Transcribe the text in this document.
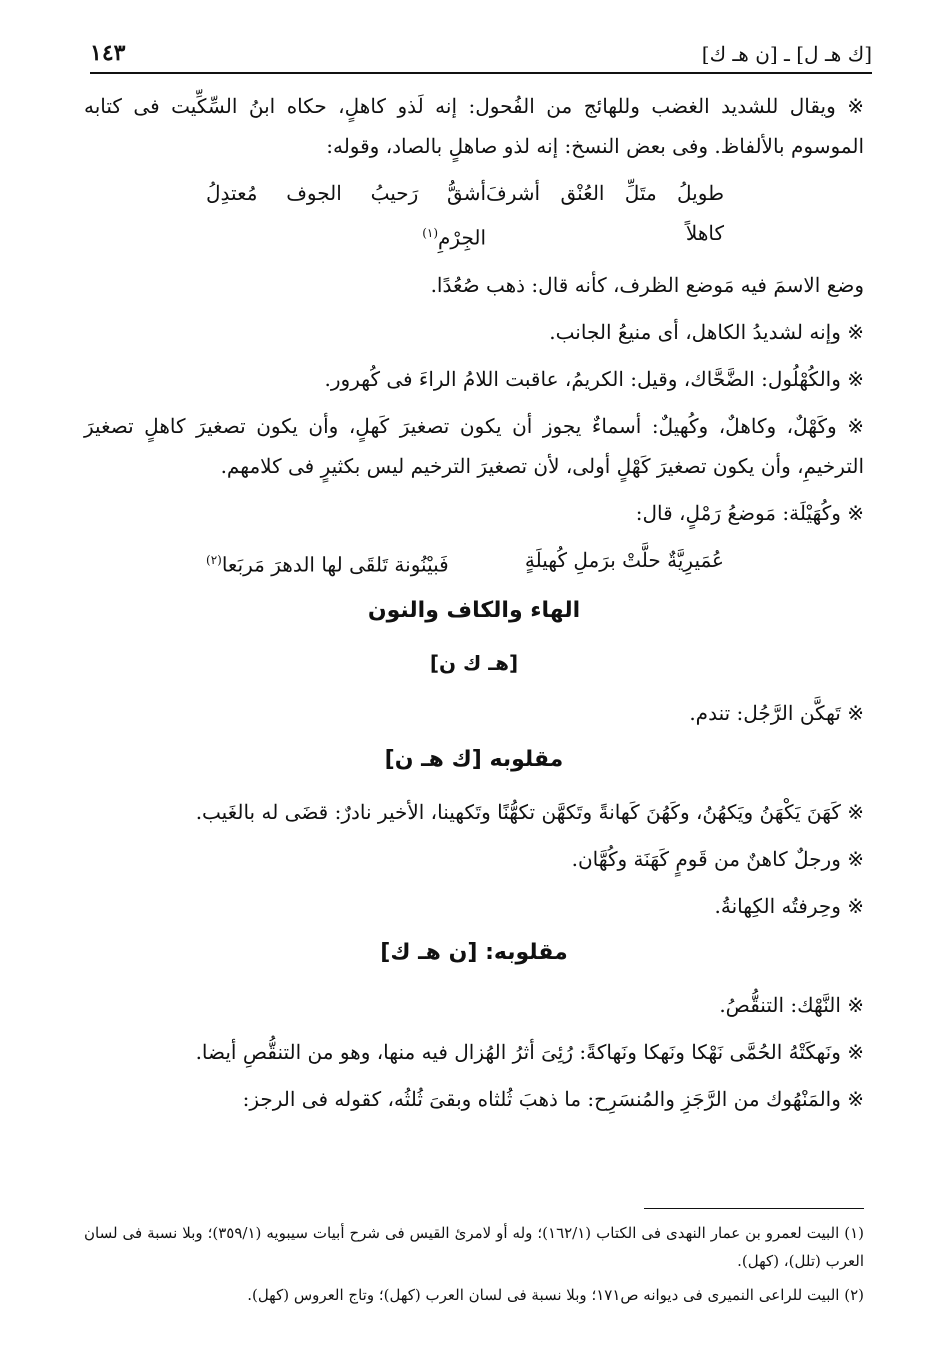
[ك هـ ل] ـ [ن هـ ك]
١٤٣

※ ويقال للشديد الغضب وللهائج من الفُحول: إنه لَذو كاهلٍ، حكاه ابنُ السِّكِّيت فى كتابه الموسوم بالألفاظ. وفى بعض النسخ: إنه لذو صاهلٍ بالصاد، وقوله:

طويلُ متَلِّ العُنْق أشرفَ كاهلاً
أشقُّ رَحيبُ الجوف مُعتدِلُ الجِرْمِ$^{(١)}$

وضع الاسمَ فيه مَوضع الظرف، كأنه قال: ذهب صُعُدًا.

※ وإنه لشديدُ الكاهل، أى منيعُ الجانب.

※ والكُهْلُول: الضَّحَّاك، وقيل: الكريمُ، عاقبت اللامُ الراءَ فى كُهرور.

※ وكَهْلٌ، وكاهلٌ، وكُهيلٌ: أسماءٌ يجوز أن يكون تصغيرَ كَهلٍ، وأن يكون تصغيرَ كاهلٍ تصغيرَ الترخيمِ، وأن يكون تصغيرَ كَهْلٍ أولى، لأن تصغيرَ الترخيم ليس بكثيرٍ فى كلامهم.

※ وكُهَيْلَة: مَوضعُ رَمْلٍ، قال:

عُمَيرِيَّةٌ حلَّتْ برَملِ كُهيلَةٍ
فَبيْنُونة تَلقَى لها الدهرَ مَربَعا$^{(٢)}$
الهاء والكاف والنون
[هـ ك ن]

※ تَهكَّن الرَّجُل: تندم.

مقلوبه [ك هـ ن]

※ كَهَنَ يَكْهَنُ ويَكهُنُ، وكَهُنَ كَهانةً وتَكهَّن تكهُّنًا وتَكهينا، الأخير نادرٌ: قضَى له بالغَيب.

※ ورجلٌ كاهنٌ من قَومٍ كَهَنَة وكُهَّان.

※ وحِرفتُه الكِهانةُ.

مقلوبه: [ن هـ ك]

※ النَّهْك: التنقُّصُ.

※ ونَهكَتْهُ الحُمَّى نَهْكا ونَهكا ونَهاكةً: رُئِىَ أثرُ الهُزال فيه منها، وهو من التنقُّصِ أيضا.

※ والمَنْهُوك من الرَّجَزِ والمُنسَرِح: ما ذهبَ ثُلثاه وبقىَ ثُلثُه، كقوله فى الرجز:

(١) البيت لعمرو بن عمار النهدى فى الكتاب (١٦٢/١)؛ وله أو لامرئ القيس فى شرح أبيات سيبويه (٣٥٩/١)؛ وبلا نسبة فى لسان العرب (تلل)، (كهل).

(٢) البيت للراعى النميرى فى ديوانه ص١٧١؛ وبلا نسبة فى لسان العرب (كهل)؛ وتاج العروس (كهل).
